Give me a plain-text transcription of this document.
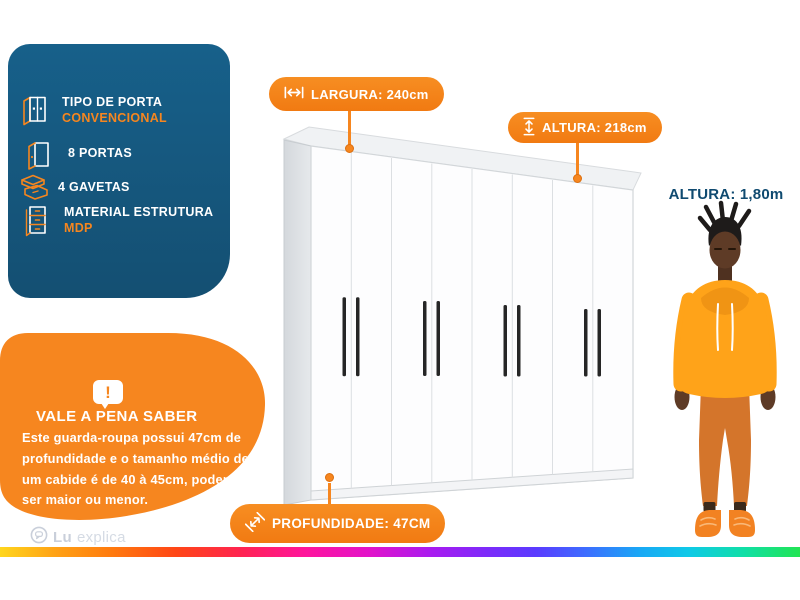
TIPO DE PORTA
CONVENCIONAL
8 PORTAS
4 GAVETAS
MATERIAL ESTRUTURA
MDP
LARGURA: 240cm
ALTURA: 218cm
PROFUNDIDADE: 47CM
ALTURA: 1,80m
!
VALE A PENA SABER
Este guarda-roupa possui 47cm de profundidade e o tamanho médio de um cabide é de 40 à 45cm, podendo ser maior ou menor.
Lu explica
